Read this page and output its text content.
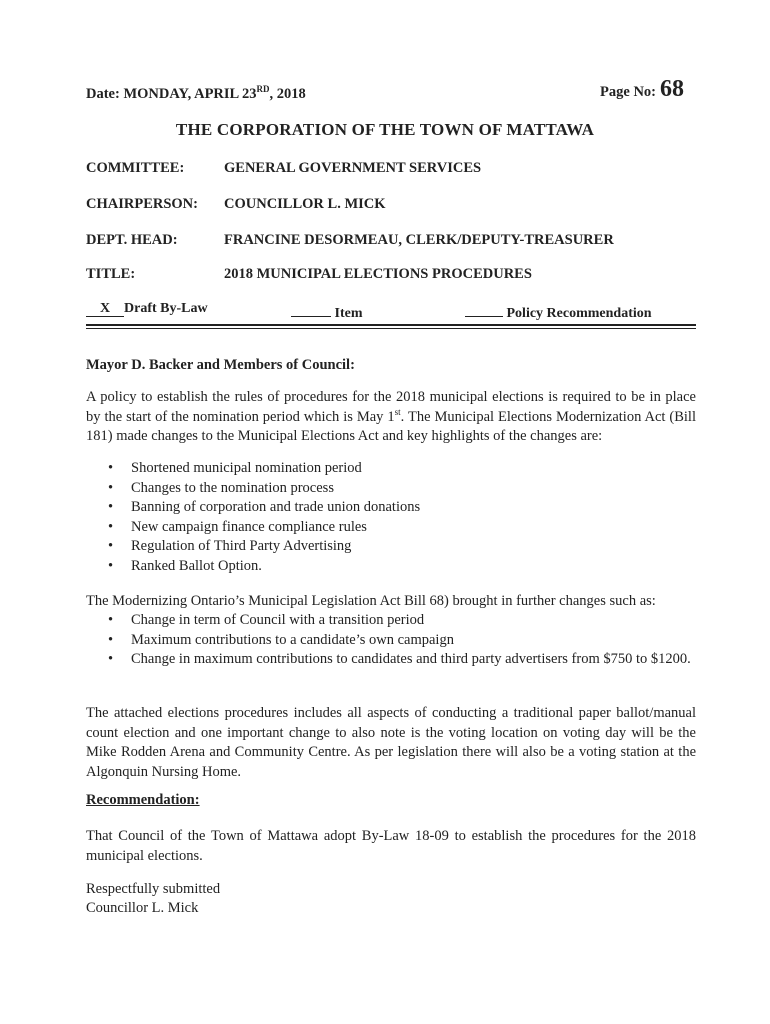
Date: MONDAY, APRIL 23RD, 2018	Page No: 68
THE CORPORATION OF THE TOWN OF MATTAWA
COMMITTEE:	GENERAL GOVERNMENT SERVICES
CHAIRPERSON: COUNCILLOR L. MICK
DEPT. HEAD:	FRANCINE DESORMEAU, CLERK/DEPUTY-TREASURER
TITLE:	2018 MUNICIPAL ELECTIONS PROCEDURES
X Draft By-Law	Item	Policy Recommendation
Mayor D. Backer and Members of Council:
A policy to establish the rules of procedures for the 2018 municipal elections is required to be in place by the start of the nomination period which is May 1st. The Municipal Elections Modernization Act (Bill 181) made changes to the Municipal Elections Act and key highlights of the changes are:
• Shortened municipal nomination period
• Changes to the nomination process
• Banning of corporation and trade union donations
• New campaign finance compliance rules
• Regulation of Third Party Advertising
• Ranked Ballot Option.
The Modernizing Ontario’s Municipal Legislation Act Bill 68) brought in further changes such as:
• Change in term of Council with a transition period
• Maximum contributions to a candidate’s own campaign
• Change in maximum contributions to candidates and third party advertisers from $750 to $1200.
The attached elections procedures includes all aspects of conducting a traditional paper ballot/manual count election and one important change to also note is the voting location on voting day will be the Mike Rodden Arena and Community Centre. As per legislation there will also be a voting station at the Algonquin Nursing Home.
Recommendation:
That Council of the Town of Mattawa adopt By-Law 18-09 to establish the procedures for the 2018 municipal elections.
Respectfully submitted
Councillor L. Mick
